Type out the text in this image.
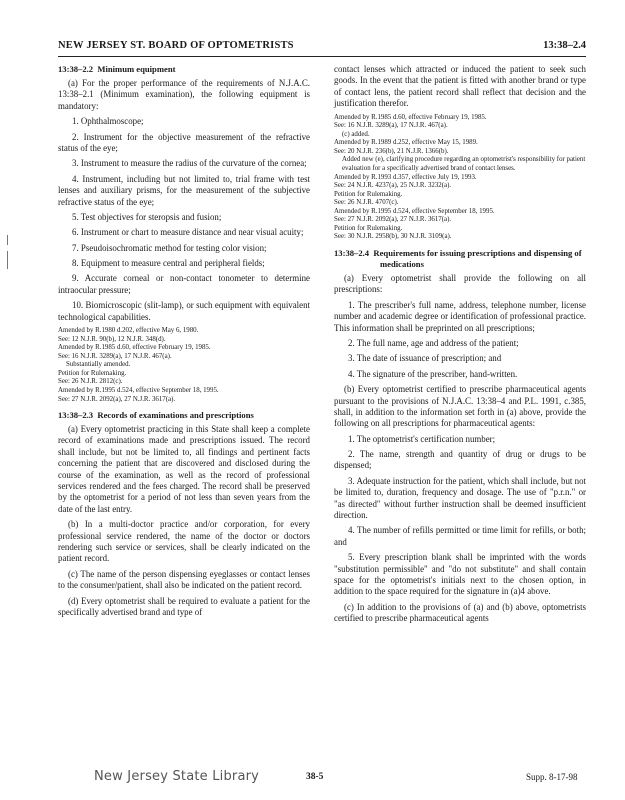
NEW JERSEY ST. BOARD OF OPTOMETRISTS	13:38–2.4
13:38–2.2 Minimum equipment

(a) For the proper performance of the requirements of N.J.A.C. 13:38–2.1 (Minimum examination), the following equipment is mandatory:

1. Ophthalmoscope;

2. Instrument for the objective measurement of the refractive status of the eye;

3. Instrument to measure the radius of the curvature of the cornea;

4. Instrument, including but not limited to, trial frame with test lenses and auxiliary prisms, for the measurement of the subjective refractive status of the eye;

5. Test objectives for steropsis and fusion;

6. Instrument or chart to measure distance and near visual acuity;

7. Pseudoisochromatic method for testing color vision;

8. Equipment to measure central and peripheral fields;

9. Accurate corneal or non-contact tonometer to determine intraocular pressure;

10. Biomicroscopic (slit-lamp), or such equipment with equivalent technological capabilities.

Amended by R.1980 d.202, effective May 6, 1980.
See: 12 N.J.R. 90(b), 12 N.J.R. 348(d).
Amended by R.1985 d.60, effective February 19, 1985.
See: 16 N.J.R. 3289(a), 17 N.J.R. 467(a).
Substantially amended.
Petition for Rulemaking.
See: 26 N.J.R. 2812(c).
Amended by R.1995 d.524, effective September 18, 1995.
See: 27 N.J.R. 2092(a), 27 N.J.R. 3617(a).
13:38–2.3 Records of examinations and prescriptions

(a) Every optometrist practicing in this State shall keep a complete record of examinations made and prescriptions issued. The record shall include, but not be limited to, all findings and pertinent facts concerning the patient that are discovered and disclosed during the course of the examination, as well as the record of professional services rendered and the fees charged. The record shall be preserved by the optometrist for a period of not less than seven years from the date of the last entry.

(b) In a multi-doctor practice and/or corporation, for every professional service rendered, the name of the doctor or doctors rendering such service or services, shall be clearly indicated on the patient record.

(c) The name of the person dispensing eyeglasses or contact lenses to the consumer/patient, shall also be indicated on the patient record.

(d) Every optometrist shall be required to evaluate a patient for the specifically advertised brand and type of

contact lenses which attracted or induced the patient to seek such goods. In the event that the patient is fitted with another brand or type of contact lens, the patient record shall reflect that decision and the justification therefor.

Amended by R.1985 d.60, effective February 19, 1985.
See: 16 N.J.R. 3289(a), 17 N.J.R. 467(a).
(c) added.
Amended by R.1989 d.252, effective May 15, 1989.
See: 20 N.J.R. 236(b), 21 N.J.R. 1366(b).
Added new (e), clarifying procedure regarding an optometrist's responsibility for patient evaluation for a specifically advertised brand of contact lenses.
Amended by R.1993 d.357, effective July 19, 1993.
See: 24 N.J.R. 4237(a), 25 N.J.R. 3232(a).
Petition for Rulemaking.
See: 26 N.J.R. 4707(c).
Amended by R.1995 d.524, effective September 18, 1995.
See: 27 N.J.R. 2092(a), 27 N.J.R. 3617(a).
Petition for Rulemaking.
See: 30 N.J.R. 2958(b), 30 N.J.R. 3109(a).
13:38–2.4 Requirements for issuing prescriptions and dispensing of medications

(a) Every optometrist shall provide the following on all prescriptions:

1. The prescriber's full name, address, telephone number, license number and academic degree or identification of professional practice. This information shall be preprinted on all prescriptions;

2. The full name, age and address of the patient;

3. The date of issuance of prescription; and

4. The signature of the prescriber, hand-written.

(b) Every optometrist certified to prescribe pharmaceutical agents pursuant to the provisions of N.J.A.C. 13:38–4 and P.L. 1991, c.385, shall, in addition to the information set forth in (a) above, provide the following on all prescriptions for pharmaceutical agents:

1. The optometrist's certification number;

2. The name, strength and quantity of drug or drugs to be dispensed;

3. Adequate instruction for the patient, which shall include, but not be limited to, duration, frequency and dosage. The use of "p.r.n." or "as directed" without further instruction shall be deemed insufficient direction.

4. The number of refills permitted or time limit for refills, or both; and

5. Every prescription blank shall be imprinted with the words "substitution permissible" and "do not substitute" and shall contain space for the optometrist's initials next to the chosen option, in addition to the space required for the signature in (a)4 above.

(c) In addition to the provisions of (a) and (b) above, optometrists certified to prescribe pharmaceutical agents

New Jersey State Library	38-5	Supp. 8-17-98
